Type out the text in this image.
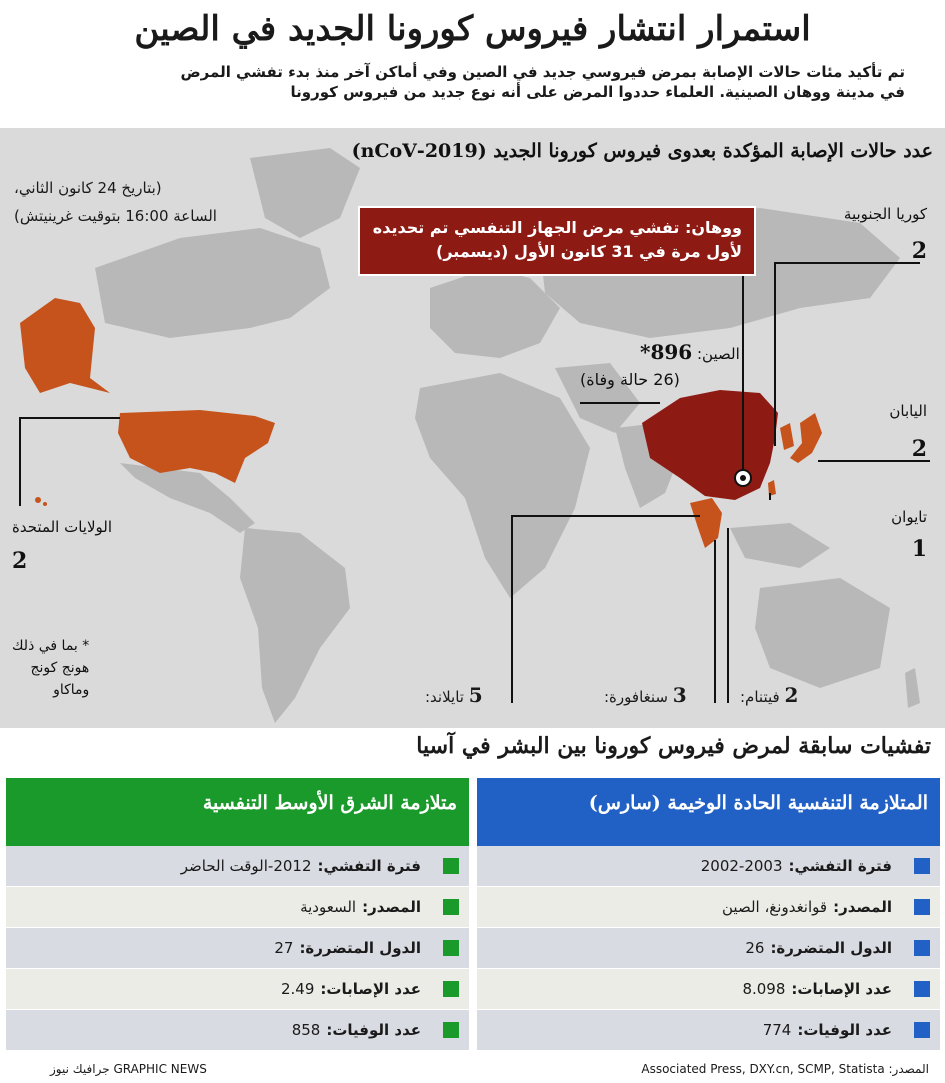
استمرار انتشار فيروس كورونا الجديد في الصين
تم تأكيد مئات حالات الإصابة بمرض فيروسي جديد في الصين وفي أماكن آخر منذ بدء تفشي المرض
في مدينة ووهان الصينية. العلماء حددوا المرض على أنه نوع جديد من فيروس كورونا
عدد حالات الإصابة المؤكدة بعدوى فيروس كورونا الجديد (2019-nCoV)
(بتاريخ 24 كانون الثاني،
الساعة 16:00 بتوقيت غرينيتش)
ووهان: تفشي مرض الجهاز التنفسي تم تحديده
لأول مرة في 31 كانون الأول (ديسمبر)
الصين: 896*
(26 حالة وفاة)
كوريا الجنوبية
2
اليابان
2
تايوان
1
الولايات المتحدة
2
* بما في ذلك
هونج كونج
وماكاو	5 تايلاند:	3 سنغافورة:	2 فيتنام:
تفشيات سابقة لمرض فيروس كورونا بين البشر في آسيا
المتلازمة التنفسية الحادة الوخيمة (سارس)
فترة التفشي:
2002-2003
المصدر:
قوانغدونغ، الصين
الدول المتضررة:
26
عدد الإصابات:
8.098
عدد الوفيات:
774
متلازمة الشرق الأوسط التنفسية
فترة التفشي:
2012-الوقت الحاضر
المصدر:
السعودية
الدول المتضررة:
27
عدد الإصابات:
2.49
عدد الوفيات:
858
المصدر: Associated Press, DXY.cn, SCMP, Statista
GRAPHIC NEWS جرافيك نيوز
